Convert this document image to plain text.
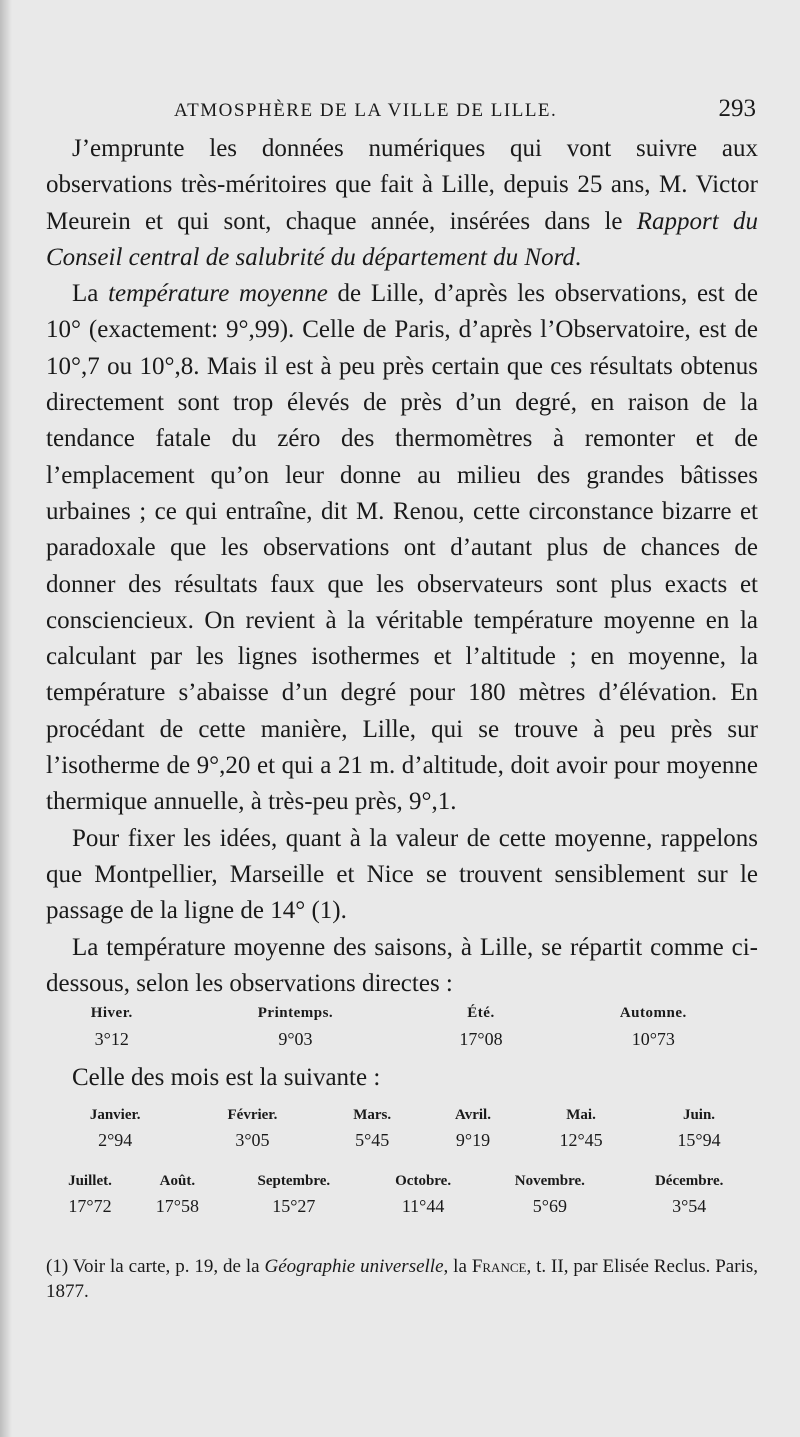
ATMOSPHÈRE DE LA VILLE DE LILLE.	293

J’emprunte les données numériques qui vont suivre aux observations très-méritoires que fait à Lille, depuis 25 ans, M. Victor Meurein et qui sont, chaque année, insérées dans le Rapport du Conseil central de salubrité du département du Nord.

La température moyenne de Lille, d’après les observations, est de 10° (exactement: 9°,99). Celle de Paris, d’après l’Observatoire, est de 10°,7 ou 10°,8. Mais il est à peu près certain que ces résultats obtenus directement sont trop élevés de près d’un degré, en raison de la tendance fatale du zéro des thermomètres à remonter et de l’emplacement qu’on leur donne au milieu des grandes bâtisses urbaines ; ce qui entraîne, dit M. Renou, cette circonstance bizarre et paradoxale que les observations ont d’autant plus de chances de donner des résultats faux que les observateurs sont plus exacts et consciencieux. On revient à la véritable température moyenne en la calculant par les lignes isothermes et l’altitude ; en moyenne, la température s’abaisse d’un degré pour 180 mètres d’élévation. En procédant de cette manière, Lille, qui se trouve à peu près sur l’isotherme de 9°,20 et qui a 21 m. d’altitude, doit avoir pour moyenne thermique annuelle, à très-peu près, 9°,1.

Pour fixer les idées, quant à la valeur de cette moyenne, rappelons que Montpellier, Marseille et Nice se trouvent sensiblement sur le passage de la ligne de 14° (1).

La température moyenne des saisons, à Lille, se répartit comme ci-dessous, selon les observations directes :

Hiver.	Printemps.	Été.	Automne.
3°12	9°03	17°08	10°73
Celle des mois est la suivante :
Janvier.	Février.	Mars.	Avril.	Mai.	Juin.
2°94	3°05	5°45	9°19	12°45	15°94
Juillet.	Août.	Septembre.	Octobre.	Novembre.	Décembre.
17°72	17°58	15°27	11°44	5°69	3°54
(1) Voir la carte, p. 19, de la Géographie universelle, la France, t. II, par Elisée Reclus. Paris, 1877.
